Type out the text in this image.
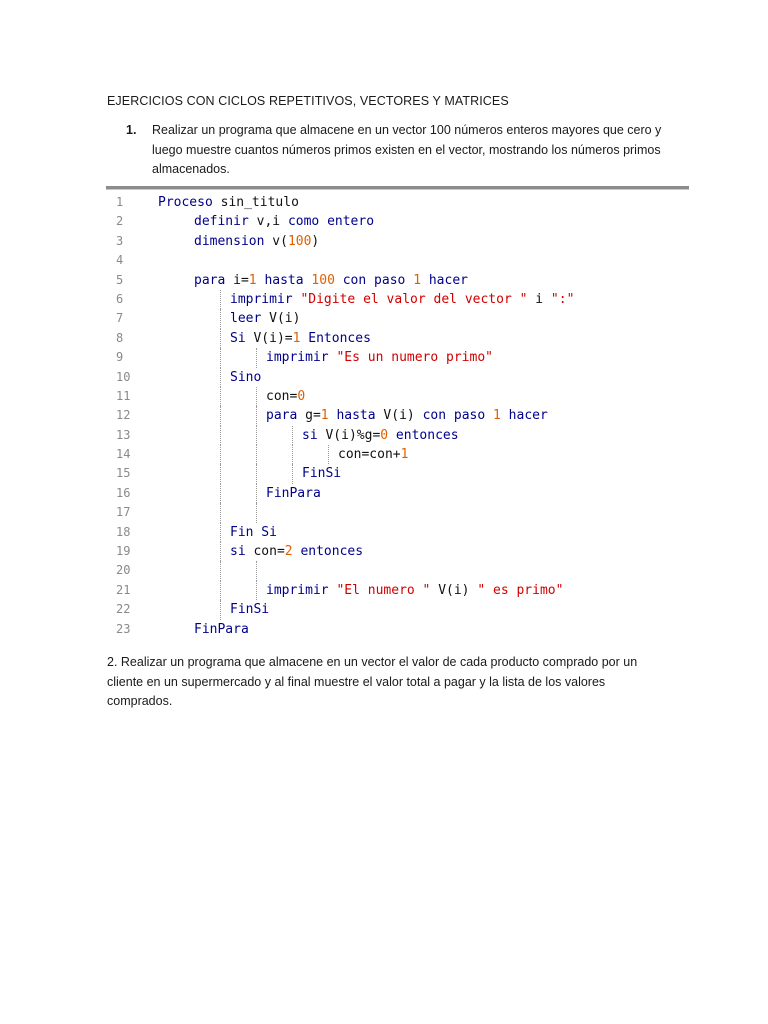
EJERCICIOS CON CICLOS REPETITIVOS, VECTORES Y MATRICES
1.	Realizar un programa que almacene en un vector 100 números enteros mayores que cero y luego muestre cuantos números primos existen en el vector, mostrando los números primos almacenados.
1	Proceso sin_titulo
2	definir v,i como entero
3	dimension v(100)
4
5	para i=1 hasta 100 con paso 1 hacer
6	imprimir "Digite el valor del vector " i ":"
7	leer V(i)
8	Si V(i)=1 Entonces
9	imprimir "Es un numero primo"
10	Sino
11	con=0
12	para g=1 hasta V(i) con paso 1 hacer
13	si V(i)%g=0 entonces
14	con=con+1
15	FinSi
16	FinPara
17
18	Fin Si
19	si con=2 entonces
20
21	imprimir "El numero " V(i) " es primo"
22	FinSi
23	FinPara
2. Realizar un programa que almacene en un vector el valor de cada producto comprado por un cliente en un supermercado y al final muestre el valor total a pagar y la lista de los valores comprados.
